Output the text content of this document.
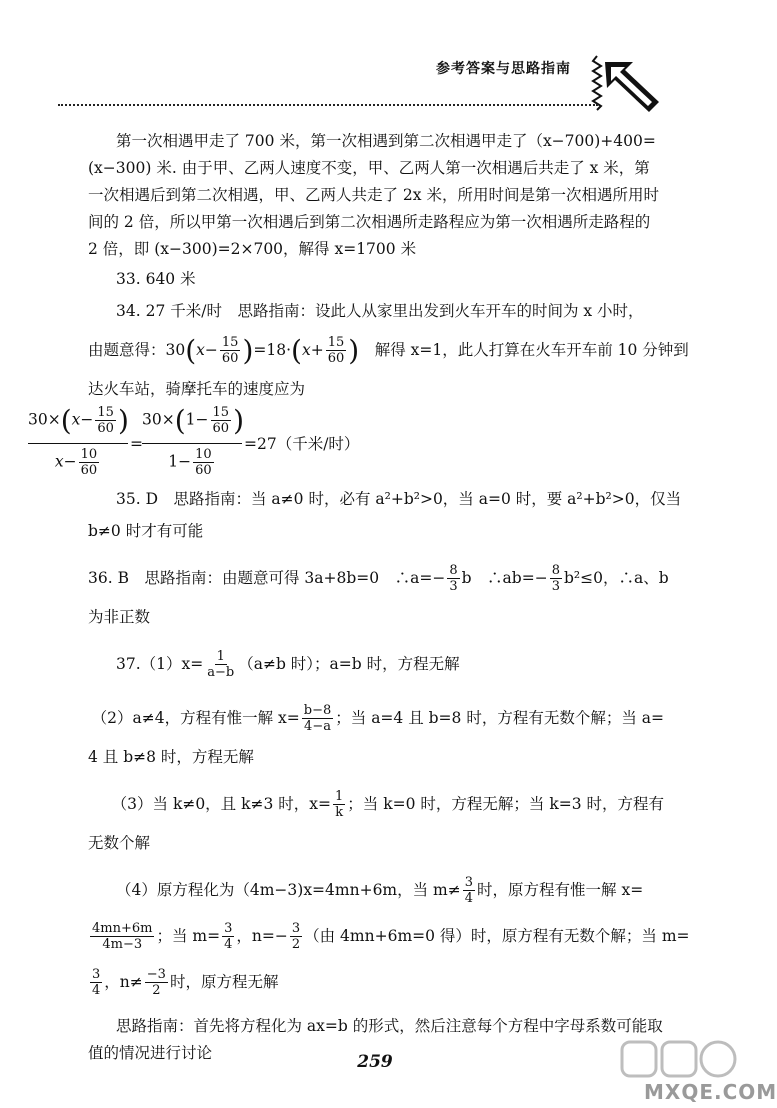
参考答案与思路指南

第一次相遇甲走了 700 米，第一次相遇到第二次相遇甲走了（x−700)+400=(x−300) 米. 由于甲、乙两人速度不变，甲、乙两人第一次相遇后共走了 x 米，第一次相遇后到第二次相遇，甲、乙两人共走了 2x 米，所用时间是第一次相遇所用时间的 2 倍，所以甲第一次相遇后到第二次相遇所走路程应为第一次相遇所走路程的 2 倍，即 (x−300)=2×700，解得 x=1700 米

33. 640 米
34. 27 千米/时　思路指南：设此人从家里出发到火车开车的时间为 x 小时，
由题意得：30 ( $x- \frac{15}{60}$ ) =18· ( $x+ \frac{15}{60}$ ) 　解得 x=1，此人打算在火车开车前 10 分钟到
达火车站，骑摩托车的速度应为
$30\times(x- \frac{15}{60}$ )
$x- \frac{10}{60}$
=
$30\times(1- \frac{15}{60}$ )
$1- \frac{10}{60}$
=27（千米/时）
35. D　思路指南：当 a≠0 时，必有 a²+b²>0，当 a=0 时，要 a²+b²>0，仅当
b≠0 时才有可能
36. B　思路指南：由题意可得 3a+8b=0　∴a=− $\frac{8}{3}$ b　∴ab=− $\frac{8}{3} b^2\le 0$，∴a、b
为非正数
$37.(1)x= \frac{1}{a-b} (a\ne b$ 时）；a=b 时，方程无解
（2）a≠4，方程有惟一解 $x= \frac{b-8}{4-a}$ ；当 a=4 且 b=8 时，方程有无数个解；当 a=
4 且 b≠8 时，方程无解
（3）当 k≠0，且 k≠3 时，$x= \frac{1}{k}$ ；当 k=0 时，方程无解；当 k=3 时，方程有
无数个解
（4）原方程化为（4m−3)x=4mn+6m，当 $m\ne \frac{3}{4}$ 时，原方程有惟一解 x=
$\frac{4mn+6m}{4m-3}$ ；当 $m= \frac{3}{4}$ ，$n=- \frac{3}{2}$ （由 4mn+6m=0 得）时，原方程有无数个解；当 m=
$\frac{3}{4}$ ，$n\ne \frac{-3}{2}$ 时，原方程无解

思路指南：首先将方程化为 ax=b 的形式，然后注意每个方程中字母系数可能取值的情况进行讨论	259
MXQE.COM
